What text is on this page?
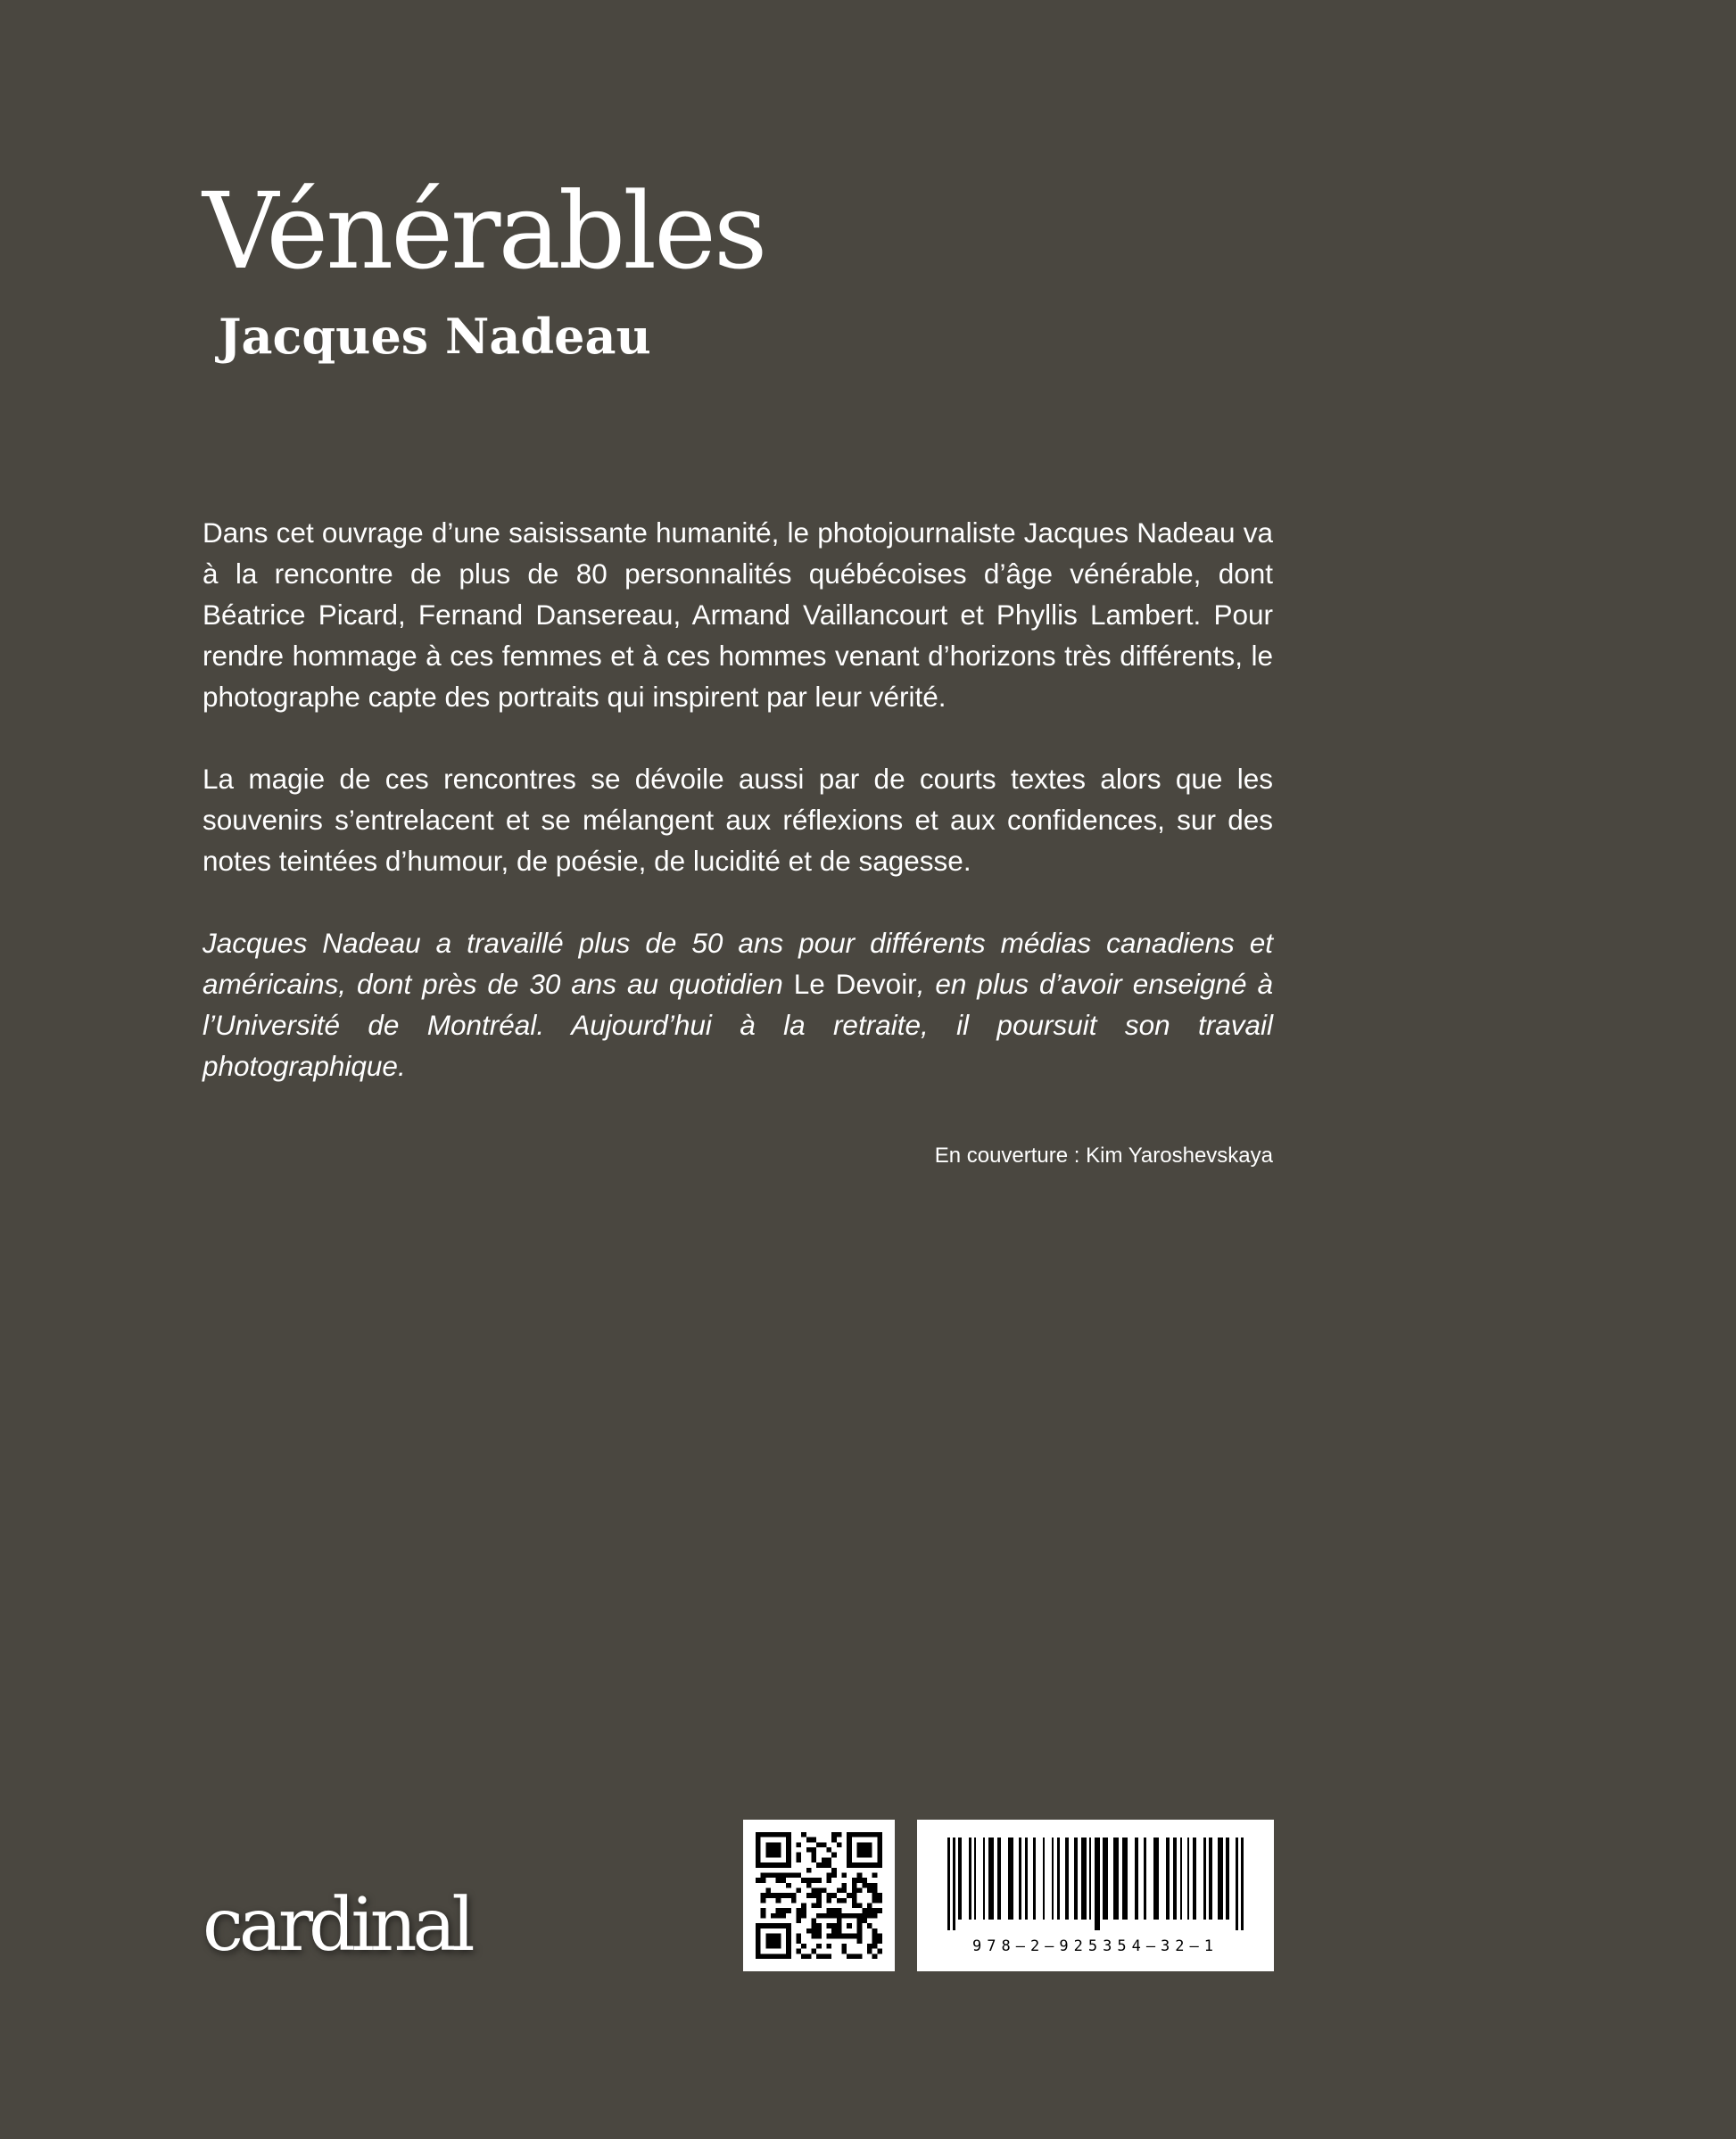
Vénérables
Jacques Nadeau

Dans cet ouvrage d’une saisissante humanité, le photojournaliste Jacques Nadeau va à la rencontre de plus de 80 personnalités québécoises d’âge vénérable, dont Béatrice Picard, Fernand Dansereau, Armand Vaillancourt et Phyllis Lambert. Pour rendre hommage à ces femmes et à ces hommes venant d’horizons très différents, le photographe capte des portraits qui inspirent par leur vérité.

La magie de ces rencontres se dévoile aussi par de courts textes alors que les souvenirs s’entrelacent et se mélangent aux réflexions et aux confidences, sur des notes teintées d’humour, de poésie, de lucidité et de sagesse.

Jacques Nadeau a travaillé plus de 50 ans pour différents médias canadiens et américains, dont près de 30 ans au quotidien Le Devoir, en plus d’avoir enseigné à l’Université de Montréal. Aujourd’hui à la retraite, il poursuit son travail photographique.

En couverture : Kim Yaroshevskaya
cardinal	978—2—925354—32—1
